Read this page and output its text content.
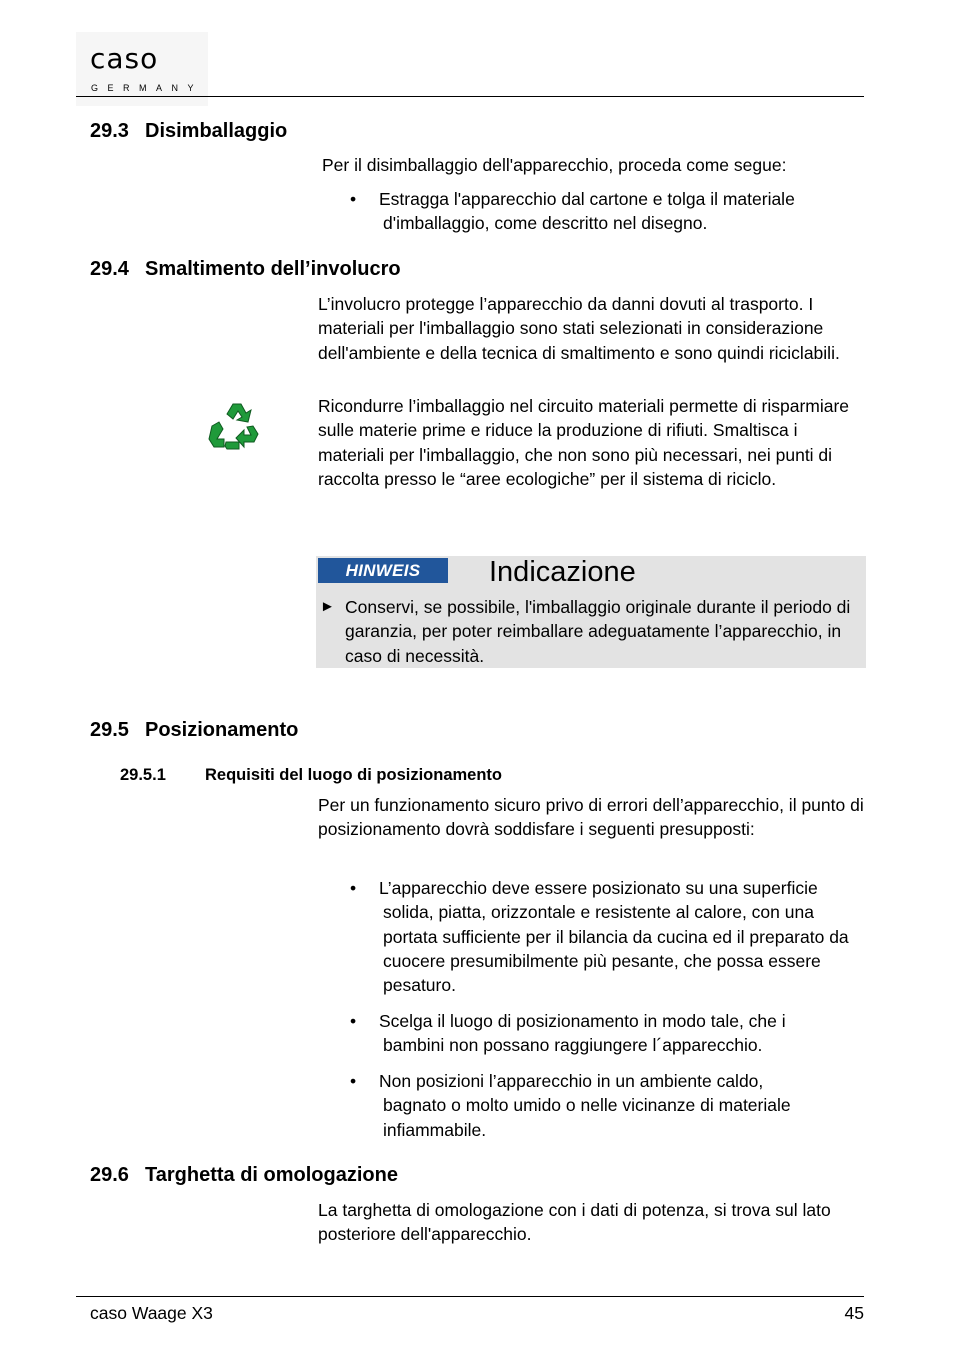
caso
GERMANY
29.3 Disimballaggio
Per il disimballaggio dell'apparecchio, proceda come segue:
•	Estragga l'apparecchio dal cartone e tolga il materiale
d'imballaggio, come descritto nel disegno.
29.4 Smaltimento dell’involucro
L’involucro protegge l’apparecchio da danni dovuti al trasporto. I materiali per l'imballaggio sono stati selezionati in considerazione dell'ambiente e della tecnica di smaltimento e sono quindi riciclabili.
Ricondurre l’imballaggio nel circuito materiali permette di risparmiare sulle materie prime e riduce la produzione di rifiuti. Smaltisca i materiali per l'imballaggio, che non sono più necessari, nei punti di raccolta presso le “aree ecologiche” per il sistema di riciclo.
HINWEIS	Indicazione
► Conservi, se possibile, l'imballaggio originale durante il periodo di garanzia, per poter reimballare adeguatamente l’apparecchio, in caso di necessità.
29.5 Posizionamento
29.5.1 Requisiti del luogo di posizionamento
Per un funzionamento sicuro privo di errori dell’apparecchio, il punto di posizionamento dovrà soddisfare i seguenti presupposti:
•	L’apparecchio deve essere posizionato su una superficie
solida, piatta, orizzontale e resistente al calore, con una portata sufficiente per il bilancia da cucina ed il preparato da cuocere presumibilmente più pesante, che possa essere pesaturo.
•	Scelga il luogo di posizionamento in modo tale, che i
bambini non possano raggiungere l´apparecchio.
•	Non posizioni l’apparecchio in un ambiente caldo,
bagnato o molto umido o nelle vicinanze di materiale infiammabile.
29.6 Targhetta di omologazione
La targhetta di omologazione con i dati di potenza, si trova sul lato posteriore dell'apparecchio.
caso Waage X3	45
